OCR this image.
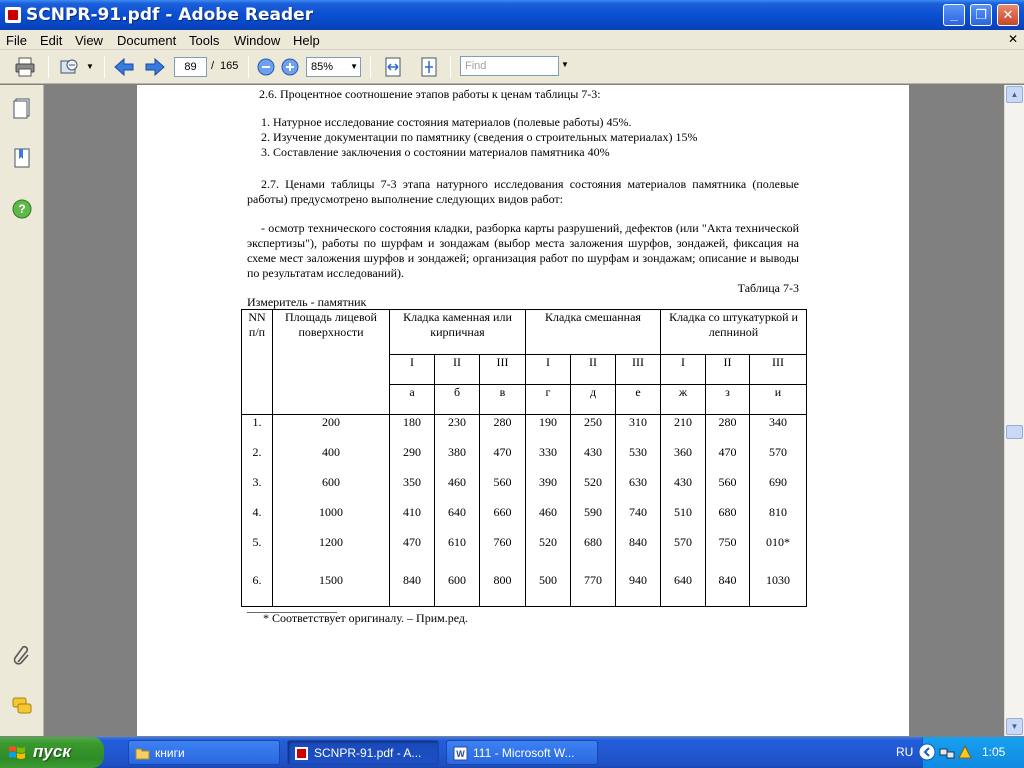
SCNPR-91.pdf - Adobe Reader	_	❐	✕
File Edit View Document Tools Window Help	✕
▼	89	/ 165	85% ▼	Find	▼
?
2.6. Процентное соотношение этапов работы к ценам таблицы 7-3:
1. Натурное исследование состояния материалов (полевые работы) 45%.
2. Изучение документации по памятнику (сведения о строительных материалах) 15%
3. Составление заключения о состоянии материалов памятника 40%
2.7. Ценами таблицы 7-3 этапа натурного исследования состояния материалов памятника (полевые работы) предусмотрено выполнение следующих видов работ:
- осмотр технического состояния кладки, разборка карты разрушений, дефектов (или "Акта технической экспертизы"), работы по шурфам и зондажам (выбор места заложения шурфов, зондажей, фиксация на схеме мест заложения шурфов и зондажей; организация работ по шурфам и зондажам; описание и выводы по результатам исследований).
Таблица 7-3
Измеритель - памятник
NN п/п	Площадь лицевой поверхности	Кладка каменная или кирпичная			Кладка смешанная			Кладка со штукатуркой и лепниной		
		I	II	III	I	II	III	I	II	III
		а	б	в	г	д	е	ж	з	и
1.	200	180	230	280	190	250	310	210	280	340
2.	400	290	380	470	330	430	530	360	470	570
3.	600	350	460	560	390	520	630	430	560	690
4.	1000	410	640	660	460	590	740	510	680	810
5.	1200	470	610	760	520	680	840	570	750	010*
6.	1500	840	600	800	500	770	940	640	840	1030
_______________
* Соответствует оригиналу. – Прим.ред.
▲
▼
пуск	книги	SCNPR-91.pdf - A...	W 111 - Microsoft W...	RU	1:05
